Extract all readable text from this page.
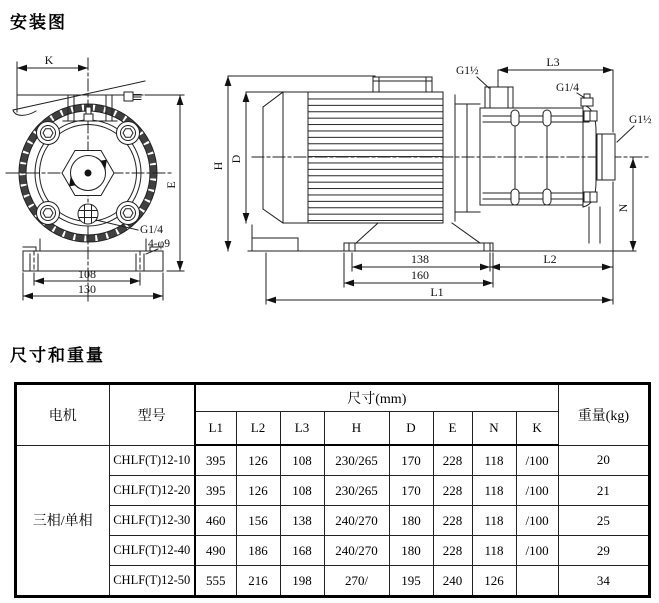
安装图
K
E
G1/4
4-φ9
108
130
H
D
N
L3
G1½
G1/4
G1½
138	L2
160
L1
尺寸和重量
电机	型号	尺寸(mm)								重量(kg)
		L1	L2	L3	H	D	E	N	K	
三相/单相	CHLF(T)12-10	395	126	108	230/265	170	228	118	/100	20
	CHLF(T)12-20	395	126	108	230/265	170	228	118	/100	21
	CHLF(T)12-30	460	156	138	240/270	180	228	118	/100	25
	CHLF(T)12-40	490	186	168	240/270	180	228	118	/100	29
	CHLF(T)12-50	555	216	198	270/	195	240	126		34
